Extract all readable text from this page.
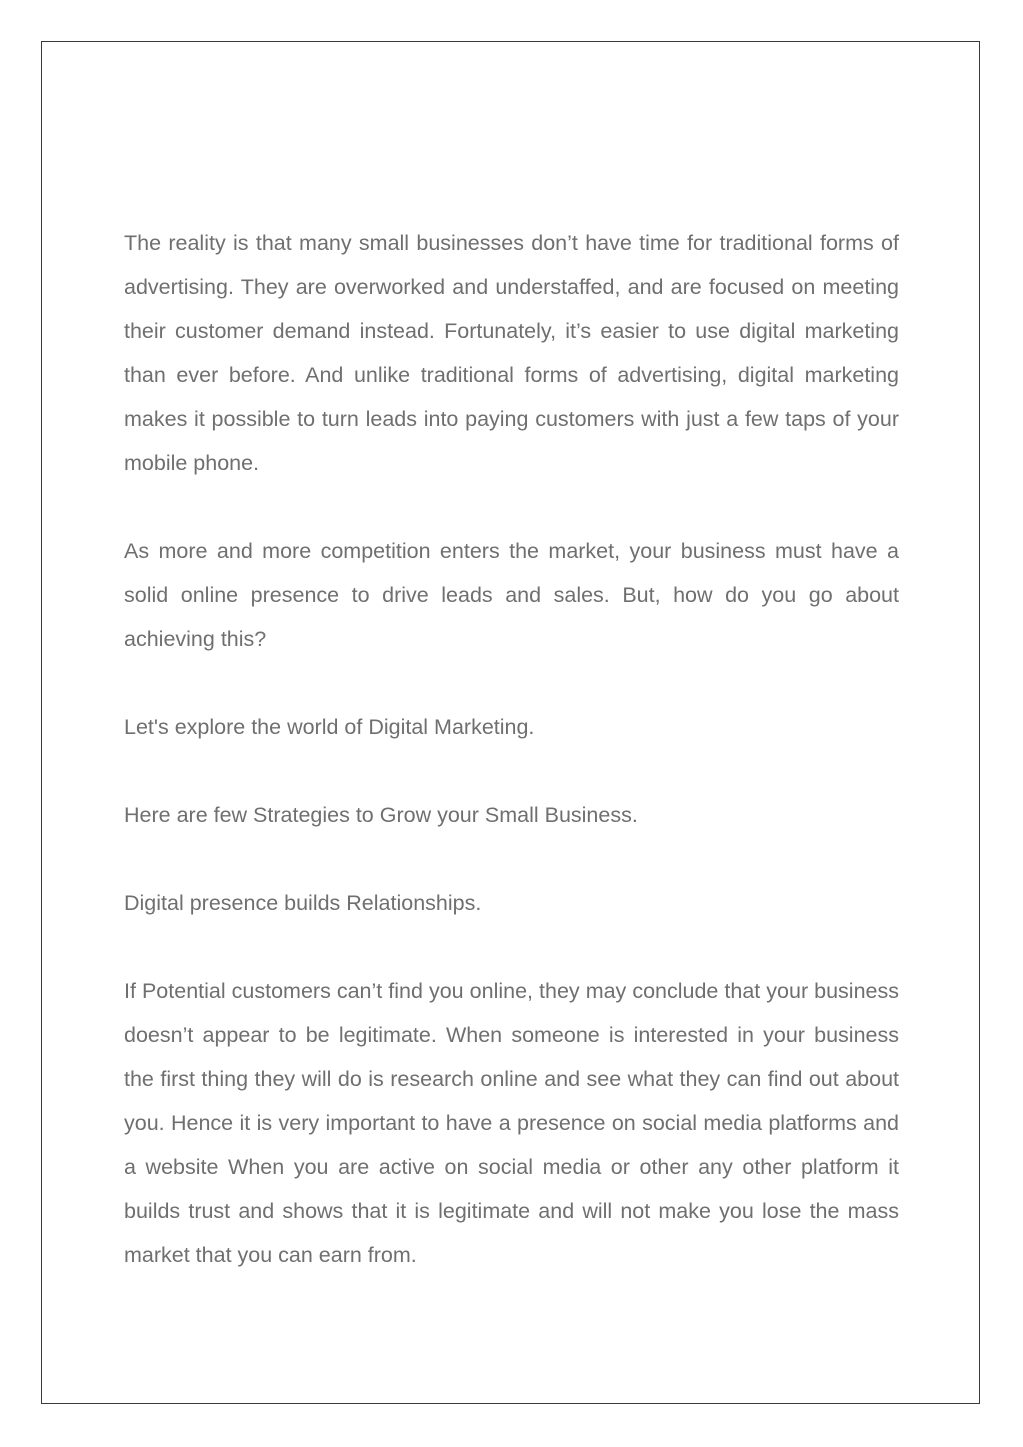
The reality is that many small businesses don’t have time for traditional forms of advertising. They are overworked and understaffed, and are focused on meeting their customer demand instead. Fortunately, it’s easier to use digital marketing than ever before. And unlike traditional forms of advertising, digital marketing makes it possible to turn leads into paying customers with just a few taps of your mobile phone.

As more and more competition enters the market, your business must have a solid online presence to drive leads and sales. But, how do you go about achieving this?

Let's explore the world of Digital Marketing.

Here are few Strategies to Grow your Small Business.

Digital presence builds Relationships.

If Potential customers can’t find you online, they may conclude that your business doesn’t appear to be legitimate. When someone is interested in your business the first thing they will do is research online and see what they can find out about you. Hence it is very important to have a presence on social media platforms and a website When you are active on social media or other any other platform it builds trust and shows that it is legitimate and will not make you lose the mass market that you can earn from.
